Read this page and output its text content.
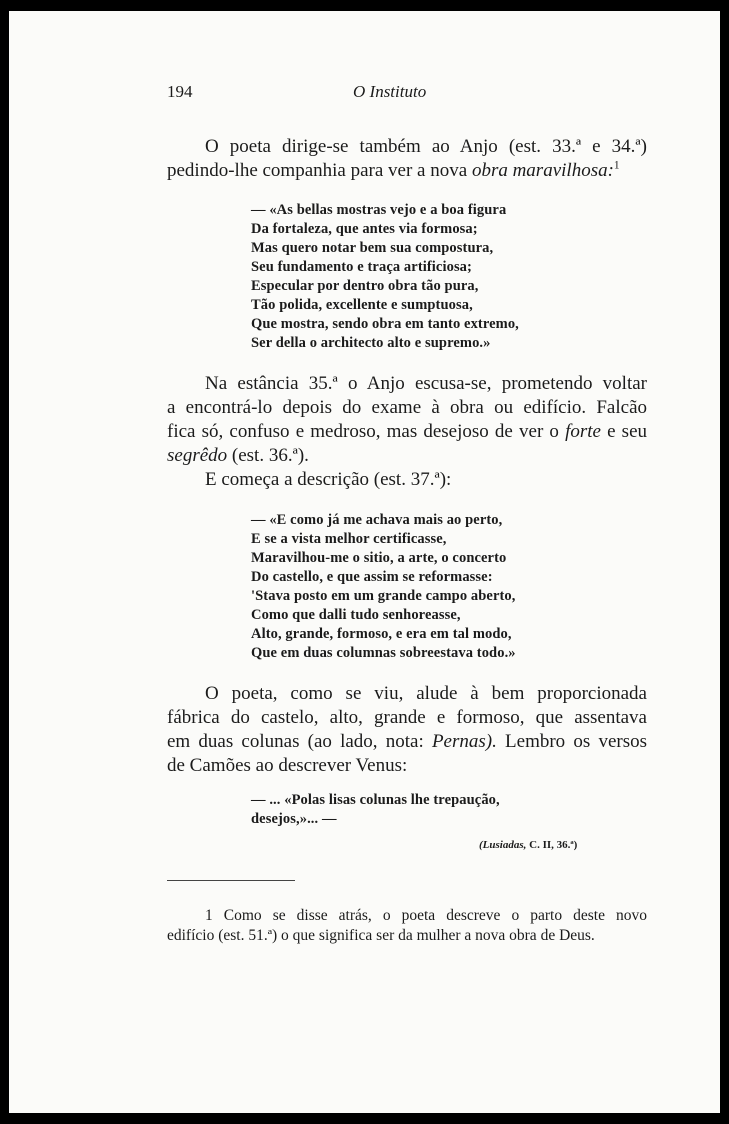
194	O Instituto
O poeta dirige-se também ao Anjo (est. 33.ª e 34.ª)
pedindo-lhe companhia para ver a nova obra maravilhosa:$^1$
— «As bellas mostras vejo e a boa figura
Da fortaleza, que antes via formosa;
Mas quero notar bem sua compostura,
Seu fundamento e traça artificiosa;
Especular por dentro obra tão pura,
Tão polida, excellente e sumptuosa,
Que mostra, sendo obra em tanto extremo,
Ser della o architecto alto e supremo.»
Na estância 35.ª o Anjo escusa-se, prometendo voltar
a encontrá-lo depois do exame à obra ou edifício. Falcão
fica só, confuso e medroso, mas desejoso de ver o forte e seu
segrêdo (est. 36.ª).
E começa a descrição (est. 37.ª):
— «E como já me achava mais ao perto,
E se a vista melhor certificasse,
Maravilhou-me o sitio, a arte, o concerto
Do castello, e que assim se reformasse:
'Stava posto em um grande campo aberto,
Como que dalli tudo senhoreasse,
Alto, grande, formoso, e era em tal modo,
Que em duas columnas sobreestava todo.»
O poeta, como se viu, alude à bem proporcionada
fábrica do castelo, alto, grande e formoso, que assentava
em duas colunas (ao lado, nota: Pernas). Lembro os versos
de Camões ao descrever Venus:
— ... «Polas lisas colunas lhe trepaução,
desejos,»... —
(Lusiadas, C. II, 36.ª)
1 Como se disse atrás, o poeta descreve o parto deste novo
edifício (est. 51.ª) o que significa ser da mulher a nova obra de Deus.
